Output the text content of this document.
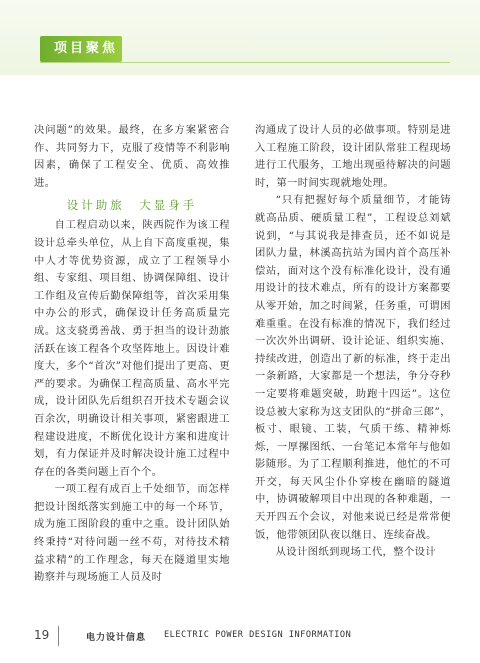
项目聚焦

决问题”的效果。最终，在多方案紧密合作、共同努力下，克服了疫情等不利影响因素，确保了工程安全、优质、高效推进。

设计助旅　大显身手

自工程启动以来，陕西院作为该工程设计总牵头单位，从上自下高度重视，集中人才等优势资源，成立了工程领导小组、专家组、项目组、协调保障组、设计工作组及宣传后勤保障组等，首次采用集中办公的形式，确保设计任务高质量完成。这支骁勇善战、勇于担当的设计劲旅活跃在该工程各个攻坚阵地上。因设计难度大，多个“首次”对他们提出了更高、更严的要求。为确保工程高质量、高水平完成，设计团队先后组织召开技术专题会议百余次，明确设计相关事项，紧密跟进工程建设进度，不断优化设计方案和进度计划，有力保证并及时解决设计施工过程中存在的各类问题上百个个。

一项工程有成百上千处细节，而怎样把设计图纸落实到施工中的每一个环节，成为施工图阶段的重中之重。设计团队始终秉持“对待问题一丝不苟，对待技术精益求精”的工作理念，每天在隧道里实地勘察并与现场施工人员及时

沟通成了设计人员的必做事项。特别是进入工程施工阶段，设计团队常驻工程现场进行工代服务，工地出现亟待解决的问题时，第一时间实现就地处理。

“只有把握好每个质量细节，才能铸就高品质、硬质量工程”，工程设总刘斌说到，“与其说我是排查员，还不如说是团队力量，林溪高抗站为国内首个高压补偿站，面对这个没有标准化设计，没有通用设计的技术难点，所有的设计方案都要从零开始，加之时间紧，任务重，可谓困难重重。在没有标准的情况下，我们经过一次次外出调研、设计论证、组织实施、持续改进，创造出了新的标准，终于走出一条新路，大家都是一个想法，争分夺秒一定要将难题突破，助跑十四运”。这位设总被大家称为这支团队的“拼命三郎”，板寸、眼镜、工装，气质干练、精神烁烁，一厚摞图纸、一台笔记本常年与他如影随形。为了工程顺利推进，他忙的不可开交，每天风尘仆仆穿梭在幽暗的隧道中，协调破解项目中出现的各种难题，一天开四五个会议，对他来说已经是常常便饭，他带领团队夜以继日、连续奋战。

从设计图纸到现场工代，整个设计

19	电力设计信息 ELECTRIC POWER DESIGN INFORMATION
